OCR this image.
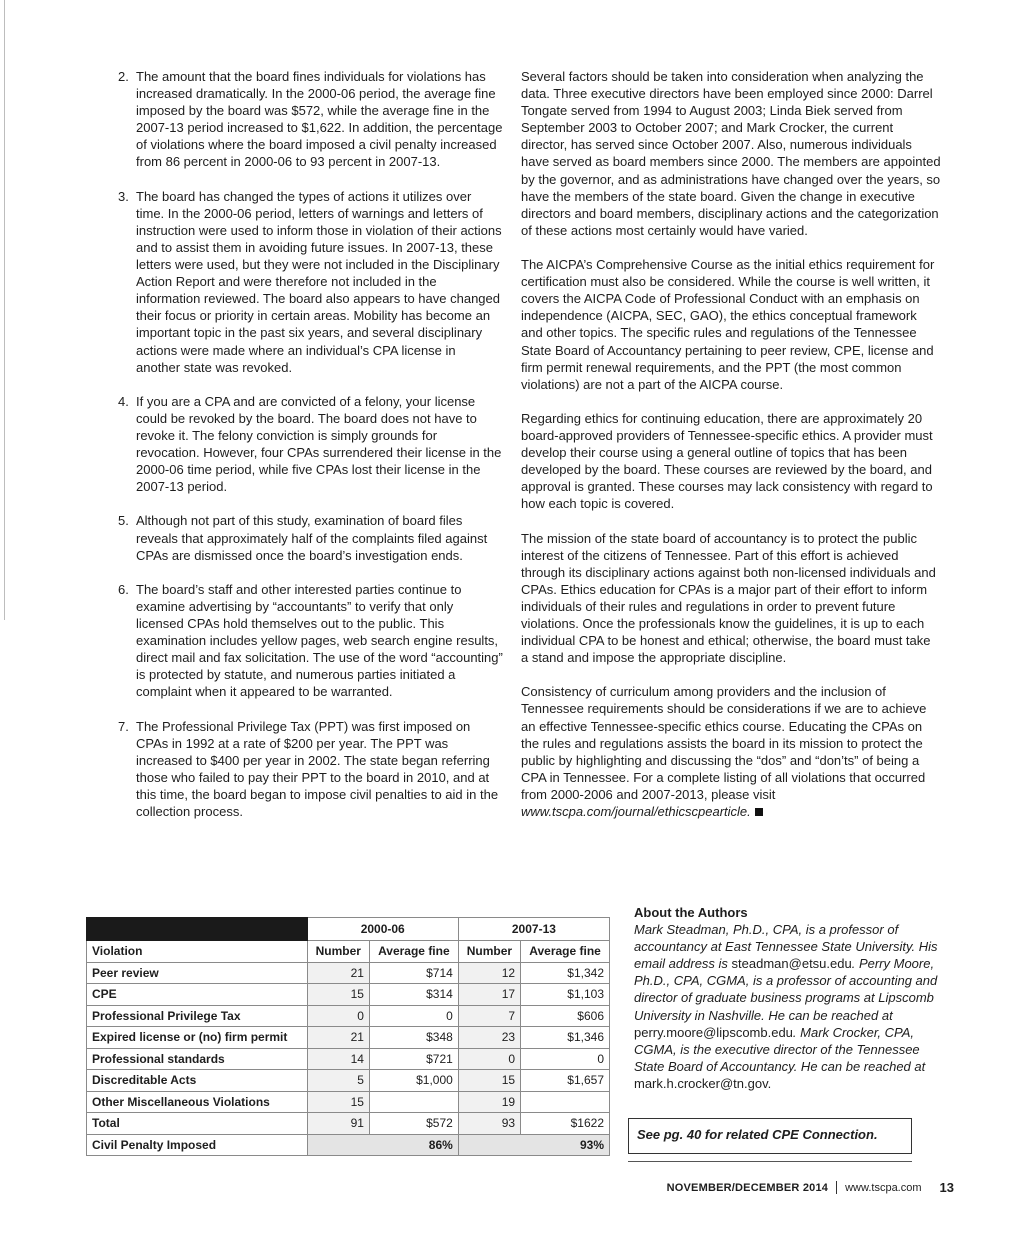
2. The amount that the board fines individuals for violations has increased dramatically. In the 2000-06 period, the average fine imposed by the board was $572, while the average fine in the 2007-13 period increased to $1,622. In addition, the percentage of violations where the board imposed a civil penalty increased from 86 percent in 2000-06 to 93 percent in 2007-13.
3. The board has changed the types of actions it utilizes over time. In the 2000-06 period, letters of warnings and letters of instruction were used to inform those in violation of their actions and to assist them in avoiding future issues. In 2007-13, these letters were used, but they were not included in the Disciplinary Action Report and were therefore not included in the information reviewed. The board also appears to have changed their focus or priority in certain areas. Mobility has become an important topic in the past six years, and several disciplinary actions were made where an individual’s CPA license in another state was revoked.
4. If you are a CPA and are convicted of a felony, your license could be revoked by the board. The board does not have to revoke it. The felony conviction is simply grounds for revocation. However, four CPAs surrendered their license in the 2000-06 time period, while five CPAs lost their license in the 2007-13 period.
5. Although not part of this study, examination of board files reveals that approximately half of the complaints filed against CPAs are dismissed once the board’s investigation ends.
6. The board’s staff and other interested parties continue to examine advertising by “accountants” to verify that only licensed CPAs hold themselves out to the public. This examination includes yellow pages, web search engine results, direct mail and fax solicitation. The use of the word “accounting” is protected by statute, and numerous parties initiated a complaint when it appeared to be warranted.
7. The Professional Privilege Tax (PPT) was first imposed on CPAs in 1992 at a rate of $200 per year. The PPT was increased to $400 per year in 2002. The state began referring those who failed to pay their PPT to the board in 2010, and at this time, the board began to impose civil penalties to aid in the collection process.

Several factors should be taken into consideration when analyzing the data. Three executive directors have been employed since 2000: Darrel Tongate served from 1994 to August 2003; Linda Biek served from September 2003 to October 2007; and Mark Crocker, the current director, has served since October 2007. Also, numerous individuals have served as board members since 2000. The members are appointed by the governor, and as administrations have changed over the years, so have the members of the state board. Given the change in executive directors and board members, disciplinary actions and the categorization of these actions most certainly would have varied.

The AICPA’s Comprehensive Course as the initial ethics requirement for certification must also be considered. While the course is well written, it covers the AICPA Code of Professional Conduct with an emphasis on independence (AICPA, SEC, GAO), the ethics conceptual framework and other topics. The specific rules and regulations of the Tennessee State Board of Accountancy pertaining to peer review, CPE, license and firm permit renewal requirements, and the PPT (the most common violations) are not a part of the AICPA course.

Regarding ethics for continuing education, there are approximately 20 board-approved providers of Tennessee-specific ethics. A provider must develop their course using a general outline of topics that has been developed by the board. These courses are reviewed by the board, and approval is granted. These courses may lack consistency with regard to how each topic is covered.

The mission of the state board of accountancy is to protect the public interest of the citizens of Tennessee. Part of this effort is achieved through its disciplinary actions against both non-licensed individuals and CPAs. Ethics education for CPAs is a major part of their effort to inform individuals of their rules and regulations in order to prevent future violations. Once the professionals know the guidelines, it is up to each individual CPA to be honest and ethical; otherwise, the board must take a stand and impose the appropriate discipline.

Consistency of curriculum among providers and the inclusion of Tennessee requirements should be considerations if we are to achieve an effective Tennessee-specific ethics course. Educating the CPAs on the rules and regulations assists the board in its mission to protect the public by highlighting and discussing the “dos” and “don’ts” of being a CPA in Tennessee. For a complete listing of all violations that occurred from 2000-2006 and 2007-2013, please visit www.tscpa.com/journal/ethicscpearticle.

	2000-06		2007-13	
Violation	Number	Average fine	Number	Average fine
Peer review	21	$714	12	$1,342
CPE	15	$314	17	$1,103
Professional Privilege Tax	0	0	7	$606
Expired license or (no) firm permit	21	$348	23	$1,346
Professional standards	14	$721	0	0
Discreditable Acts	5	$1,000	15	$1,657
Other Miscellaneous Violations	15		19	
Total	91	$572	93	$1622
Civil Penalty Imposed	86%		93%	
About the Authors
Mark Steadman, Ph.D., CPA, is a professor of accountancy at East Tennessee State University. His email address is steadman@etsu.edu. Perry Moore, Ph.D., CPA, CGMA, is a professor of accounting and director of graduate business programs at Lipscomb University in Nashville. He can be reached at perry.moore@lipscomb.edu. Mark Crocker, CPA, CGMA, is the executive director of the Tennessee State Board of Accountancy. He can be reached at mark.h.crocker@tn.gov.
See pg. 40 for related CPE Connection.
NOVEMBER/DECEMBER 2014 www.tscpa.com 13
